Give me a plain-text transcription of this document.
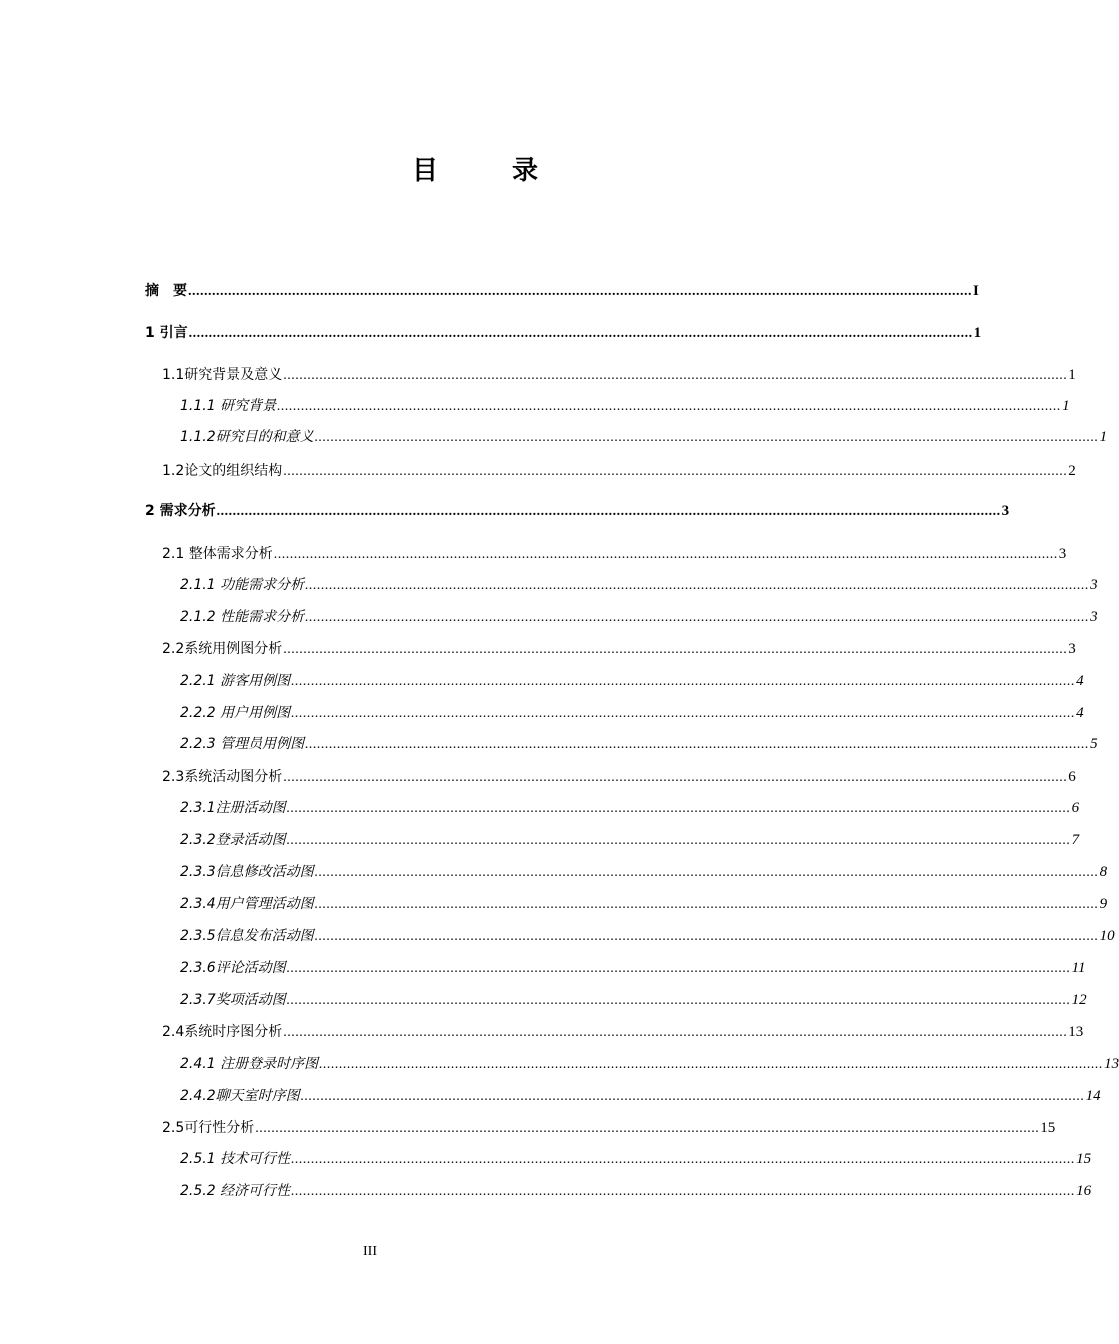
目　录
摘　要 .................................................................................................................................................................................................... I
1 引言 .................................................................................................................................................................................................... 1
1.1研究背景及意义 .................................................................................................................................................................................................... 1
1.1.1 研究背景 .................................................................................................................................................................................................... 1
1.1.2研究目的和意义 .................................................................................................................................................................................................... 1
1.2论文的组织结构 .................................................................................................................................................................................................... 2
2 需求分析 .................................................................................................................................................................................................... 3
2.1 整体需求分析 .................................................................................................................................................................................................... 3
2.1.1 功能需求分析 .................................................................................................................................................................................................... 3
2.1.2 性能需求分析 .................................................................................................................................................................................................... 3
2.2系统用例图分析 .................................................................................................................................................................................................... 3
2.2.1 游客用例图 .................................................................................................................................................................................................... 4
2.2.2 用户用例图 .................................................................................................................................................................................................... 4
2.2.3 管理员用例图 .................................................................................................................................................................................................... 5
2.3系统活动图分析 .................................................................................................................................................................................................... 6
2.3.1注册活动图 .................................................................................................................................................................................................... 6
2.3.2登录活动图 .................................................................................................................................................................................................... 7
2.3.3信息修改活动图 .................................................................................................................................................................................................... 8
2.3.4用户管理活动图 .................................................................................................................................................................................................... 9
2.3.5信息发布活动图 .................................................................................................................................................................................................... 10
2.3.6评论活动图 .................................................................................................................................................................................................... 11
2.3.7奖项活动图 .................................................................................................................................................................................................... 12
2.4系统时序图分析 .................................................................................................................................................................................................... 13
2.4.1 注册登录时序图 .................................................................................................................................................................................................... 13
2.4.2聊天室时序图 .................................................................................................................................................................................................... 14
2.5可行性分析 .................................................................................................................................................................................................... 15
2.5.1 技术可行性 .................................................................................................................................................................................................... 15
2.5.2 经济可行性 .................................................................................................................................................................................................... 16
III
